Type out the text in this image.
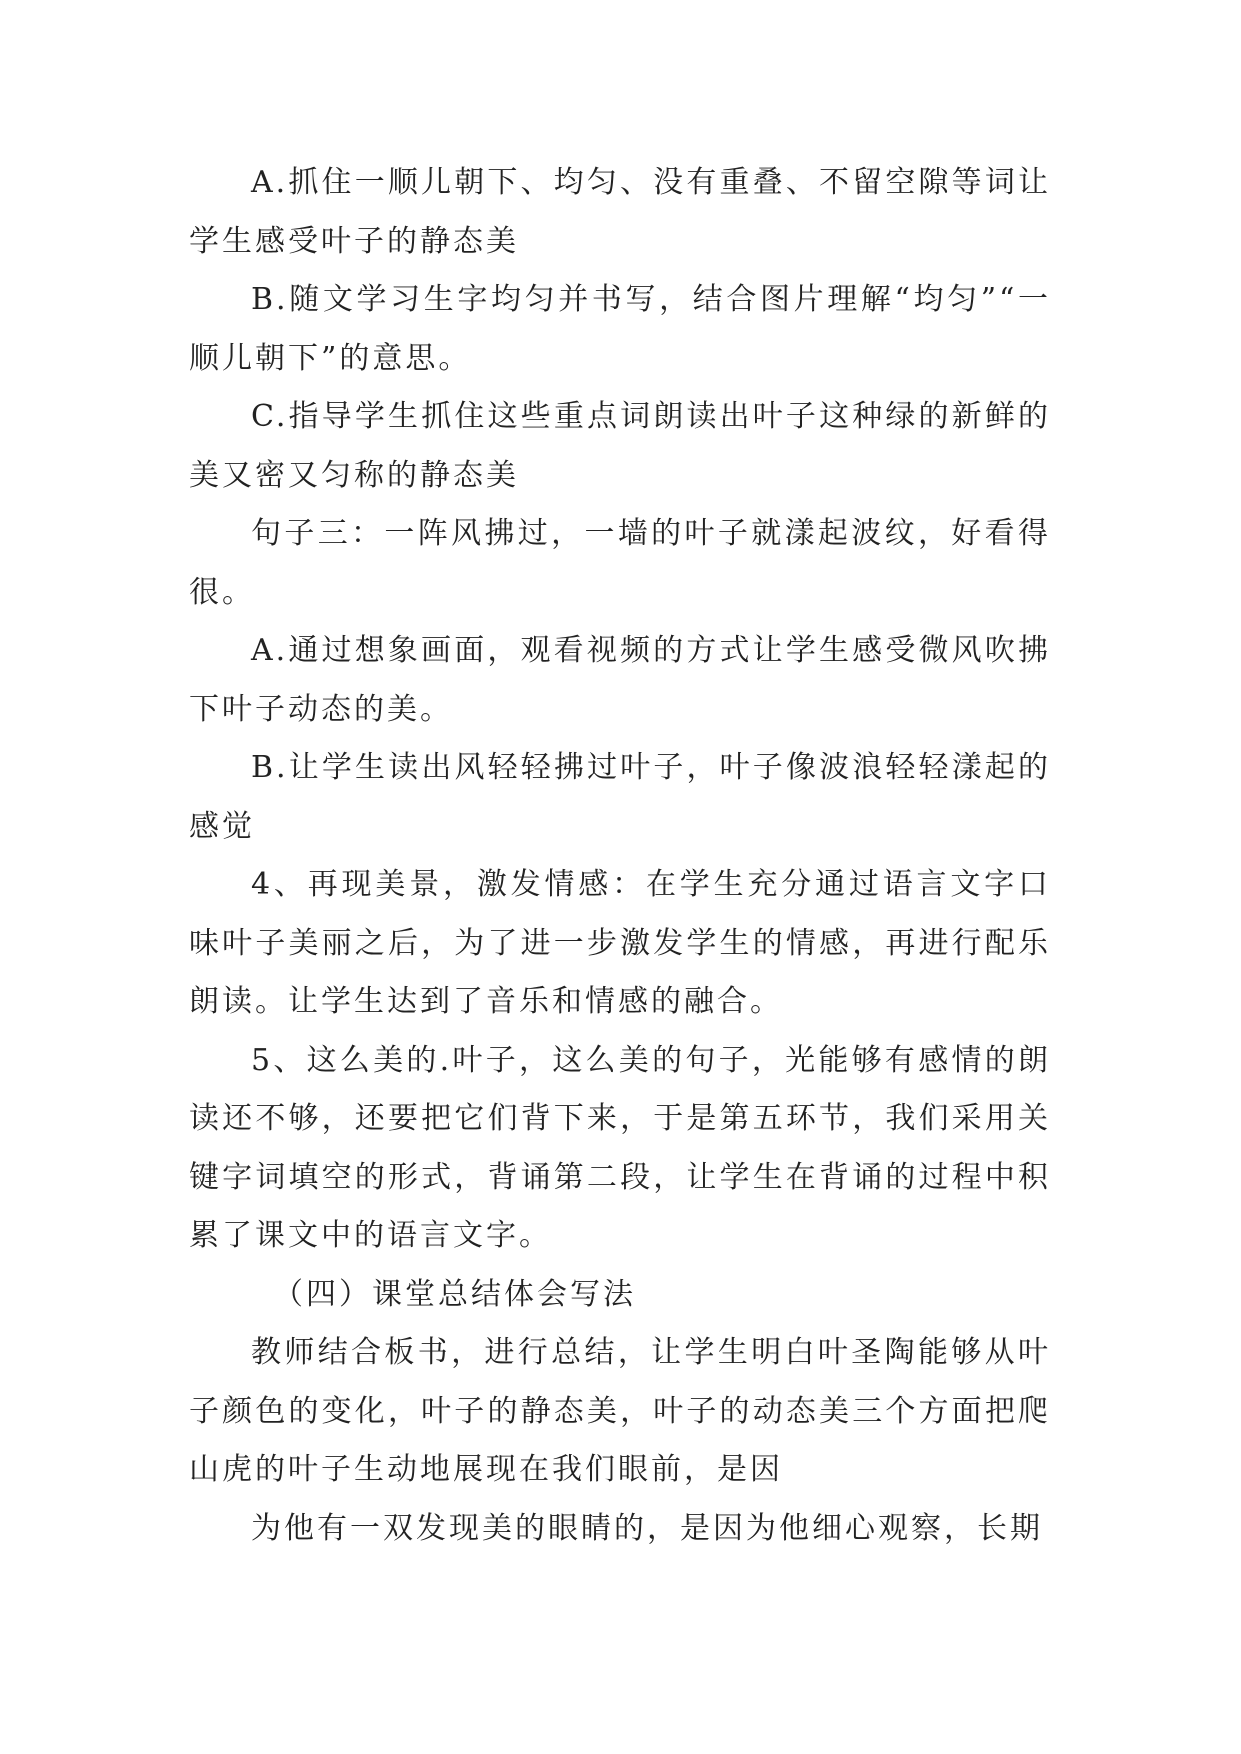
A.抓住一顺儿朝下、均匀、没有重叠、不留空隙等词让学生感受叶子的静态美

B.随文学习生字均匀并书写，结合图片理解“均匀”“一顺儿朝下”的意思。

C.指导学生抓住这些重点词朗读出叶子这种绿的新鲜的美又密又匀称的静态美

句子三：一阵风拂过，一墙的叶子就漾起波纹，好看得很。

A.通过想象画面，观看视频的方式让学生感受微风吹拂下叶子动态的美。

B.让学生读出风轻轻拂过叶子，叶子像波浪轻轻漾起的感觉

4、再现美景，激发情感：在学生充分通过语言文字口味叶子美丽之后，为了进一步激发学生的情感，再进行配乐朗读。让学生达到了音乐和情感的融合。

5、这么美的.叶子，这么美的句子，光能够有感情的朗读还不够，还要把它们背下来，于是第五环节，我们采用关键字词填空的形式，背诵第二段，让学生在背诵的过程中积累了课文中的语言文字。

（四）课堂总结体会写法

教师结合板书，进行总结，让学生明白叶圣陶能够从叶子颜色的变化，叶子的静态美，叶子的动态美三个方面把爬山虎的叶子生动地展现在我们眼前，是因

为他有一双发现美的眼睛的，是因为他细心观察，长期
